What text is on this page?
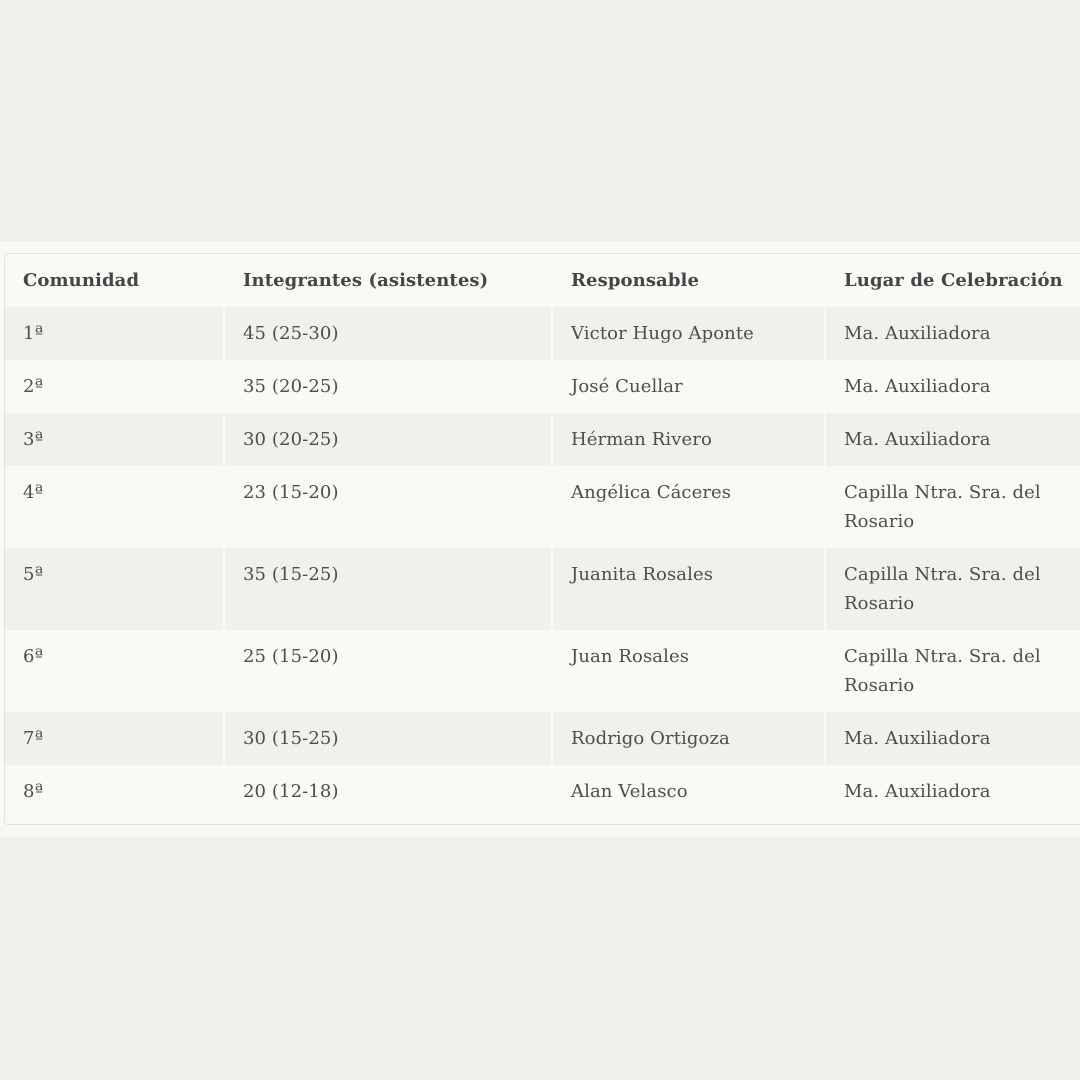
Comunidad	Integrantes (asistentes)	Responsable	Lugar de Celebración
1ª	45 (25-30)	Victor Hugo Aponte	Ma. Auxiliadora
2ª	35 (20-25)	José Cuellar	Ma. Auxiliadora
3ª	30 (20-25)	Hérman Rivero	Ma. Auxiliadora
4ª	23 (15-20)	Angélica Cáceres	Capilla Ntra. Sra. del Rosario
5ª	35 (15-25)	Juanita Rosales	Capilla Ntra. Sra. del Rosario
6ª	25 (15-20)	Juan Rosales	Capilla Ntra. Sra. del Rosario
7ª	30 (15-25)	Rodrigo Ortigoza	Ma. Auxiliadora
8ª	20 (12-18)	Alan Velasco	Ma. Auxiliadora
